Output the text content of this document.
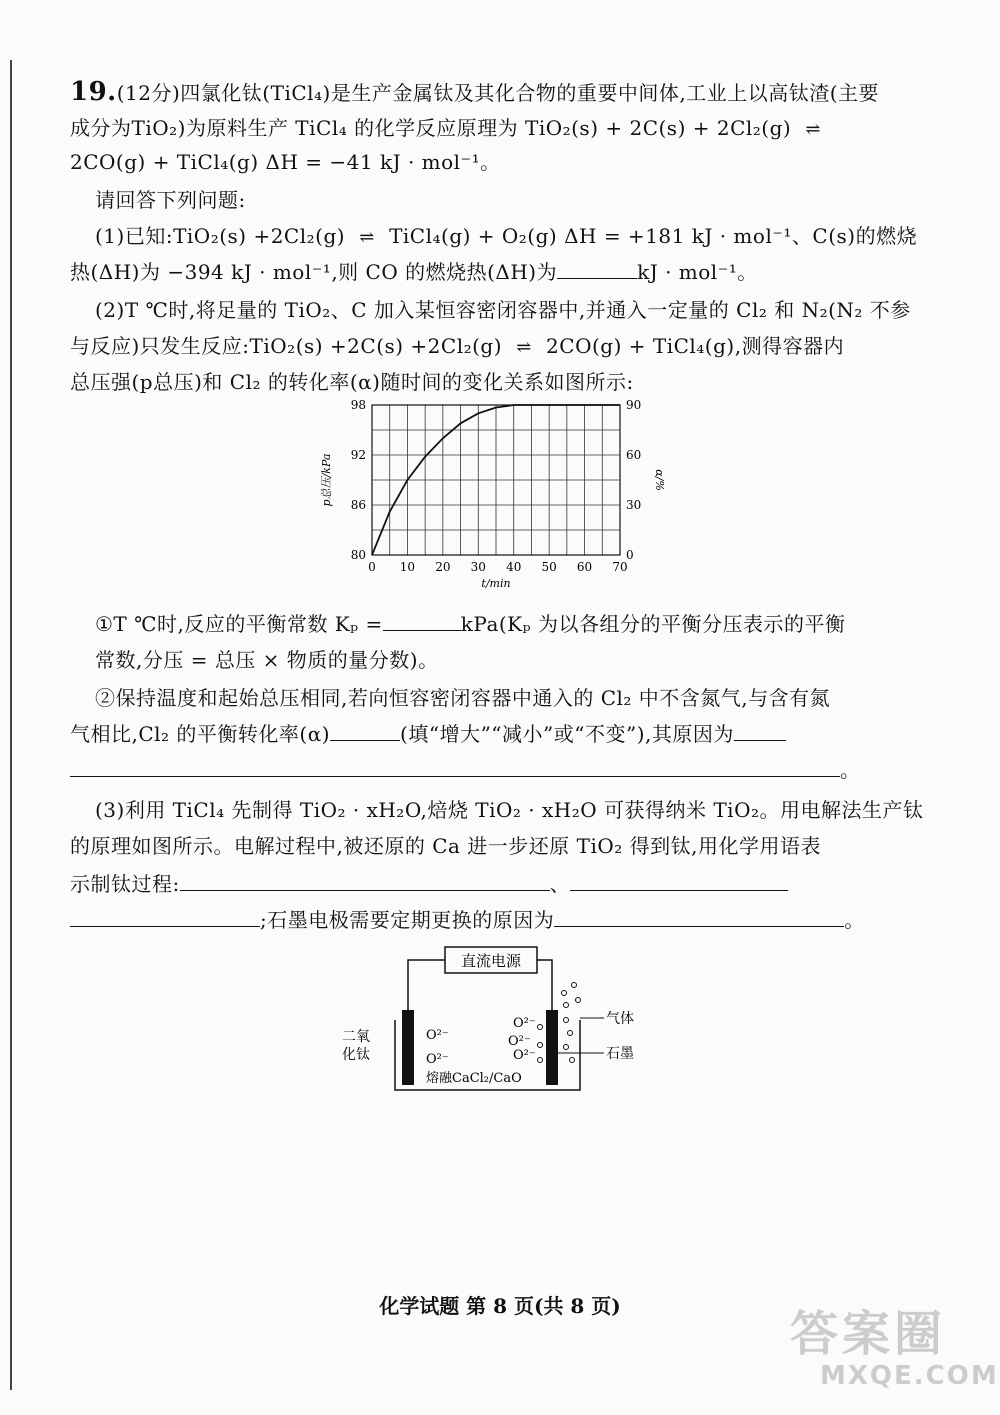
19.(12分)四氯化钛(TiCl₄)是生产金属钛及其化合物的重要中间体,工业上以高钛渣(主要
成分为TiO₂)为原料生产 TiCl₄ 的化学反应原理为 TiO₂(s) + 2C(s) + 2Cl₂(g) ⇌
2CO(g) + TiCl₄(g) ΔH = −41 kJ · mol⁻¹。
请回答下列问题:
(1)已知:TiO₂(s) +2Cl₂(g) ⇌ TiCl₄(g) + O₂(g) ΔH = +181 kJ · mol⁻¹、C(s)的燃烧
热(ΔH)为 −394 kJ · mol⁻¹,则 CO 的燃烧热(ΔH)为	kJ · mol⁻¹。
(2)T ℃时,将足量的 TiO₂、C 加入某恒容密闭容器中,并通入一定量的 Cl₂ 和 N₂(N₂ 不参
与反应)只发生反应:TiO₂(s) +2C(s) +2Cl₂(g) ⇌ 2CO(g) + TiCl₄(g),测得容器内
总压强(p总压)和 Cl₂ 的转化率(α)随时间的变化关系如图所示:
0 10 20 30 40 50 60 70
80
86
92
98
0
30
60
90
t/min
p总压/kPa	α/%
①T ℃时,反应的平衡常数 Kₚ =	kPa(Kₚ 为以各组分的平衡分压表示的平衡
常数,分压 = 总压 × 物质的量分数)。
②保持温度和起始总压相同,若向恒容密闭容器中通入的 Cl₂ 中不含氮气,与含有氮
气相比,Cl₂ 的平衡转化率(α)	(填“增大”“减小”或“不变”),其原因为
。
(3)利用 TiCl₄ 先制得 TiO₂ · xH₂O,焙烧 TiO₂ · xH₂O 可获得纳米 TiO₂。用电解法生产钛
的原理如图所示。电解过程中,被还原的 Ca 进一步还原 TiO₂ 得到钛,用化学用语表
示制钛过程:	、
;石墨电极需要定期更换的原因为	。
直流电源
二氧
化钛
O²⁻
O²⁻
O²⁻
O²⁻
O²⁻
熔融CaCl₂/CaO
气体
石墨
化学试题 第 8 页(共 8 页)	答案圈
MXQE.COM
